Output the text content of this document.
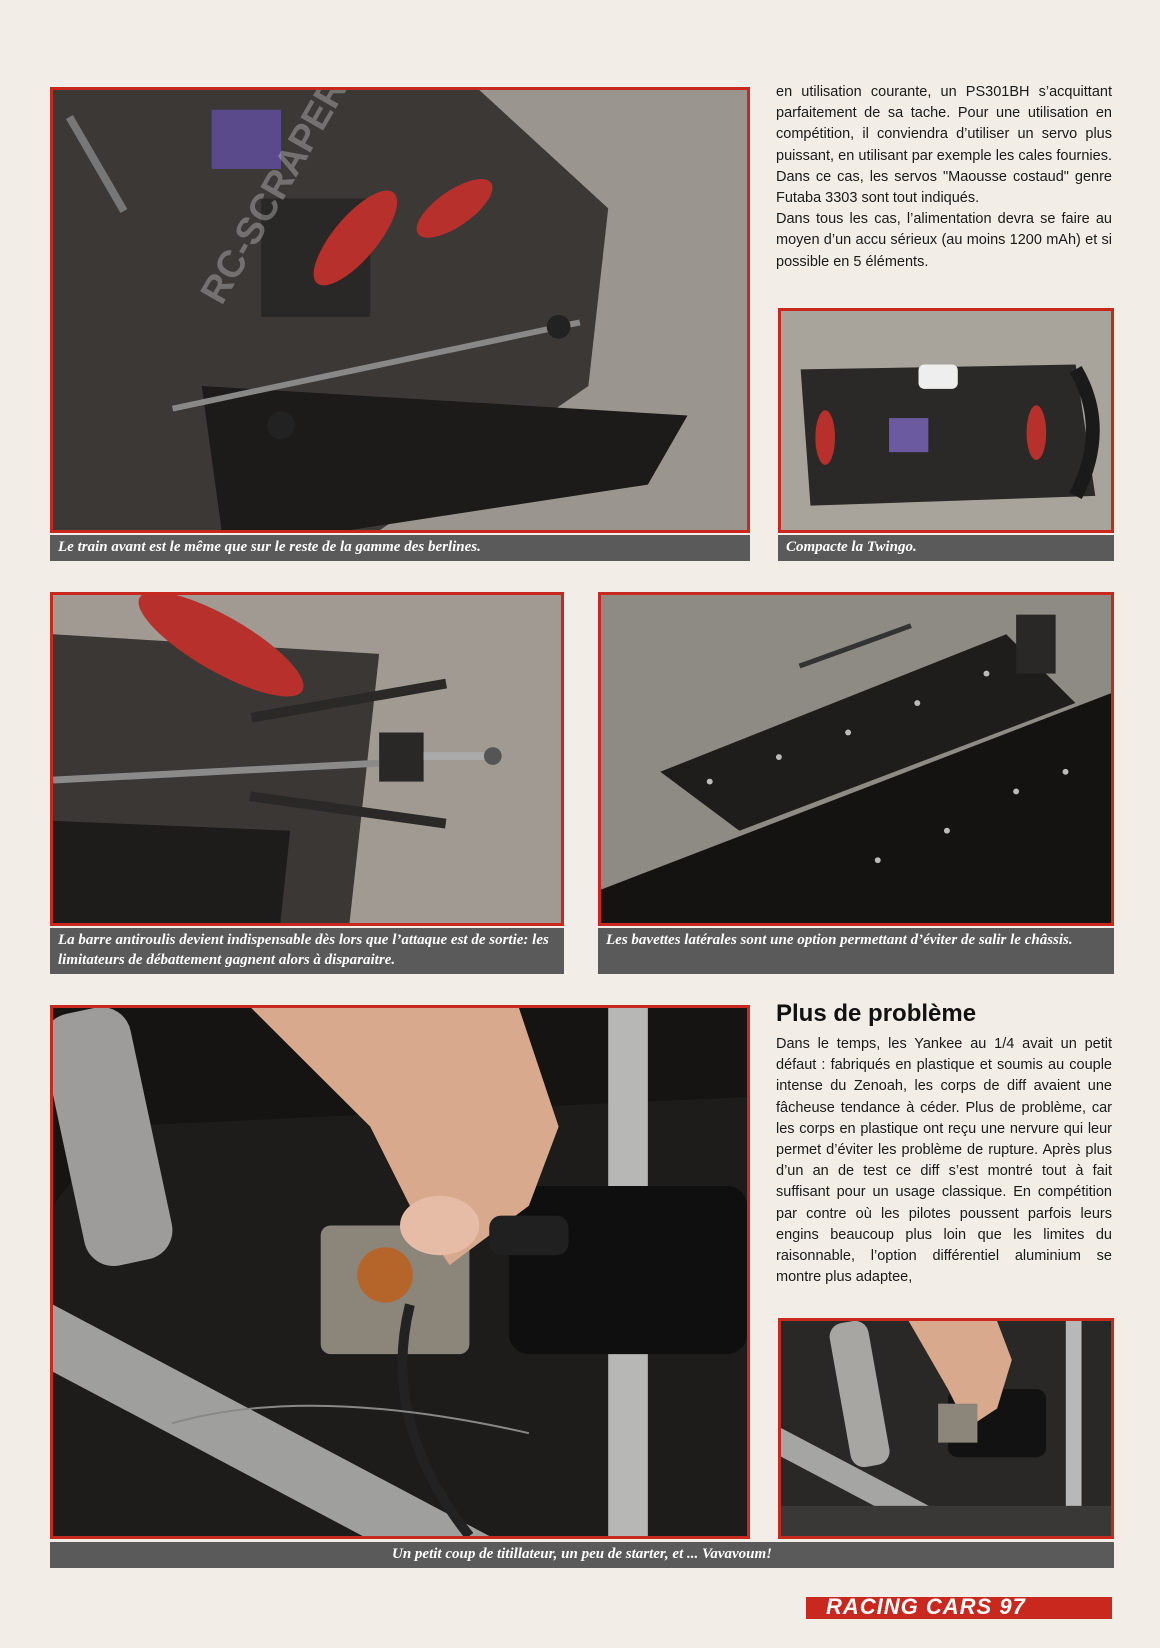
Le train avant est le même que sur le reste de la gamme des berlines.

en utilisation courante, un PS301BH s’acquittant parfaitement de sa tache. Pour une utilisation en compétition, il conviendra d’utiliser un servo plus puissant, en utilisant par exemple les cales fournies. Dans ce cas, les servos "Maousse costaud" genre Futaba 3303 sont tout indiqués.

Dans tous les cas, l’alimentation devra se faire au moyen d’un accu sérieux (au moins 1200 mAh) et si possible en 5 éléments.

Compacte la Twingo.
La barre antiroulis devient indispensable dès lors que l’attaque est de sortie: les limitateurs de débattement gagnent alors à disparaitre.
Les bavettes latérales sont une option permettant d’éviter de salir le châssis.
Un petit coup de titillateur, un peu de starter, et ... Vavavoum!
Plus de problème

Dans le temps, les Yankee au 1/4 avait un petit défaut : fabriqués en plastique et soumis au couple intense du Zenoah, les corps de diff avaient une fâcheuse tendance à céder. Plus de problème, car les corps en plastique ont reçu une nervure qui leur permet d’éviter les problème de rupture. Après plus d’un an de test ce diff s’est montré tout à fait suffisant pour un usage classique. En compétition par contre où les pilotes poussent parfois leurs engins beaucoup plus loin que les limites du raisonnable, l’option différentiel aluminium se montre plus adaptee,

RACING CARS 97
